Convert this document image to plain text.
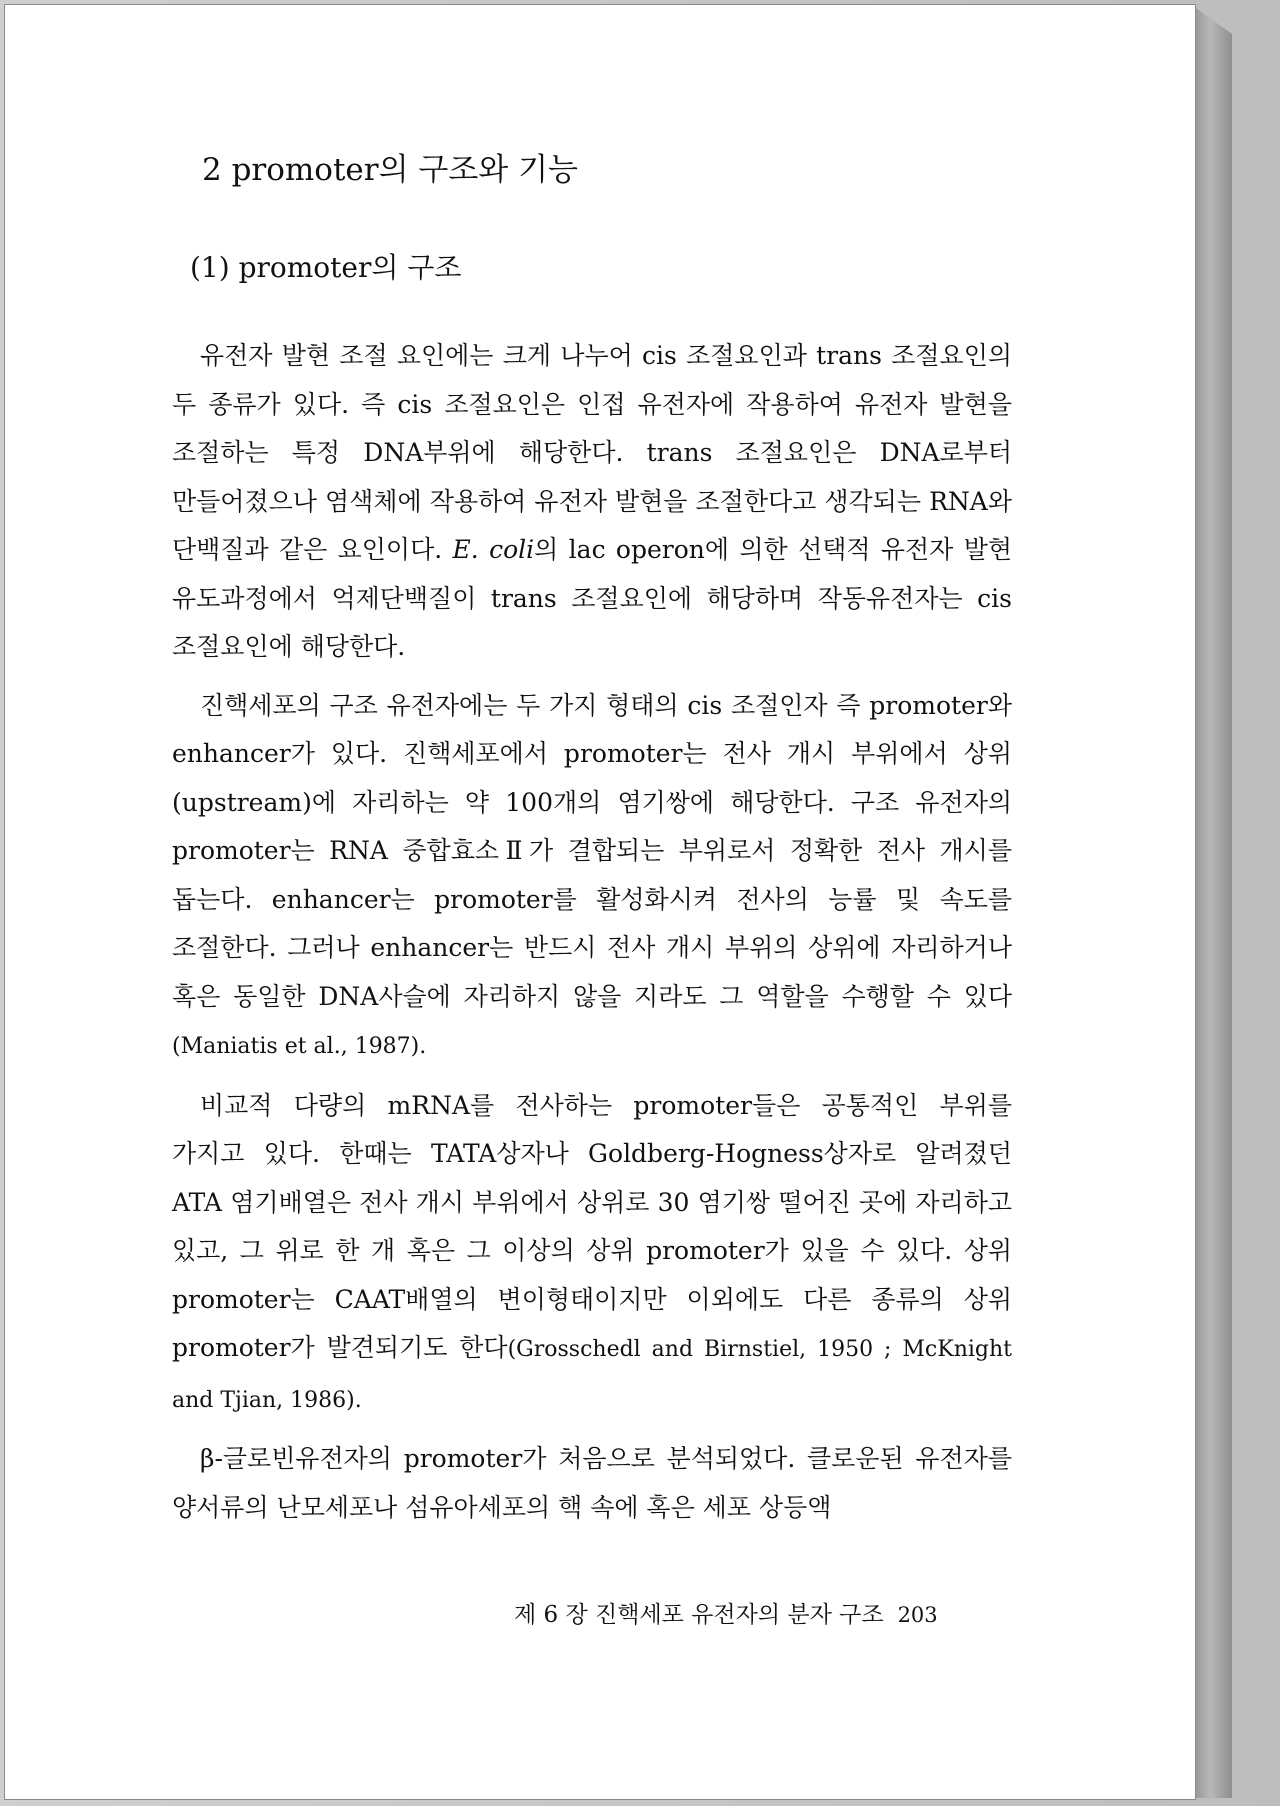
2 promoter의 구조와 기능
(1) promoter의 구조

유전자 발현 조절 요인에는 크게 나누어 cis 조절요인과 trans 조절요인의 두 종류가 있다. 즉 cis 조절요인은 인접 유전자에 작용하여 유전자 발현을 조절하는 특정 DNA부위에 해당한다. trans 조절요인은 DNA로부터 만들어졌으나 염색체에 작용하여 유전자 발현을 조절한다고 생각되는 RNA와 단백질과 같은 요인이다. E. coli의 lac operon에 의한 선택적 유전자 발현 유도과정에서 억제단백질이 trans 조절요인에 해당하며 작동유전자는 cis 조절요인에 해당한다.

진핵세포의 구조 유전자에는 두 가지 형태의 cis 조절인자 즉 promoter와 enhancer가 있다. 진핵세포에서 promoter는 전사 개시 부위에서 상위(upstream)에 자리하는 약 100개의 염기쌍에 해당한다. 구조 유전자의 promoter는 RNA 중합효소Ⅱ가 결합되는 부위로서 정확한 전사 개시를 돕는다. enhancer는 promoter를 활성화시켜 전사의 능률 및 속도를 조절한다. 그러나 enhancer는 반드시 전사 개시 부위의 상위에 자리하거나 혹은 동일한 DNA사슬에 자리하지 않을 지라도 그 역할을 수행할 수 있다(Maniatis et al., 1987).

비교적 다량의 mRNA를 전사하는 promoter들은 공통적인 부위를 가지고 있다. 한때는 TATA상자나 Goldberg-Hogness상자로 알려졌던 ATA 염기배열은 전사 개시 부위에서 상위로 30 염기쌍 떨어진 곳에 자리하고 있고, 그 위로 한 개 혹은 그 이상의 상위 promoter가 있을 수 있다. 상위 promoter는 CAAT배열의 변이형태이지만 이외에도 다른 종류의 상위 promoter가 발견되기도 한다(Grosschedl and Birnstiel, 1950 ; McKnight and Tjian, 1986).

β-글로빈유전자의 promoter가 처음으로 분석되었다. 클로운된 유전자를 양서류의 난모세포나 섬유아세포의 핵 속에 혹은 세포 상등액

제 6 장 진핵세포 유전자의 분자 구조 203
